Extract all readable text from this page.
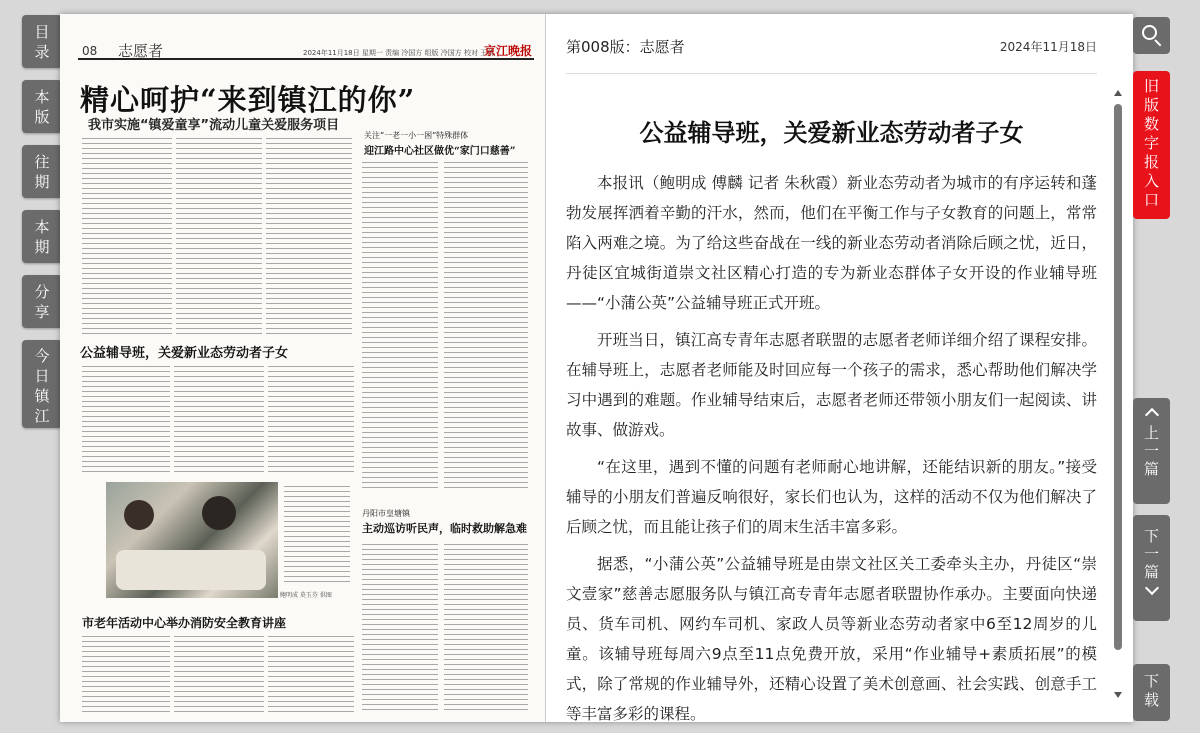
目
录
本
版
往
期
本
期
分
享
今
日
镇
江
08 志愿者	2024年11月18日 星期一 责编 冷国方 组版 冷国方 校对 王倩
京江晚报
精心呵护“来到镇江的你”
我市实施“镇爱童享”流动儿童关爱服务项目
关注“一老一小一困”特殊群体
迎江路中心社区做优“家门口慈善”
公益辅导班，关爱新业态劳动者子女
鲍明成 莫玉芬 供图
丹阳市皇塘镇
主动巡访听民声，临时救助解急难
市老年活动中心举办消防安全教育讲座
第008版：志愿者	2024年11月18日
公益辅导班，关爱新业态劳动者子女

本报讯（鲍明成 傅麟 记者 朱秋霞）新业态劳动者为城市的有序运转和蓬勃发展挥洒着辛勤的汗水，然而，他们在平衡工作与子女教育的问题上，常常陷入两难之境。为了给这些奋战在一线的新业态劳动者消除后顾之忧，近日，丹徒区宜城街道崇文社区精心打造的专为新业态群体子女开设的作业辅导班——“小蒲公英”公益辅导班正式开班。

开班当日，镇江高专青年志愿者联盟的志愿者老师详细介绍了课程安排。在辅导班上，志愿者老师能及时回应每一个孩子的需求，悉心帮助他们解决学习中遇到的难题。作业辅导结束后，志愿者老师还带领小朋友们一起阅读、讲故事、做游戏。

“在这里，遇到不懂的问题有老师耐心地讲解，还能结识新的朋友。”接受辅导的小朋友们普遍反响很好，家长们也认为，这样的活动不仅为他们解决了后顾之忧，而且能让孩子们的周末生活丰富多彩。

据悉，“小蒲公英”公益辅导班是由崇文社区关工委牵头主办，丹徒区“崇文壹家”慈善志愿服务队与镇江高专青年志愿者联盟协作承办。主要面向快递员、货车司机、网约车司机、家政人员等新业态劳动者家中6至12周岁的儿童。该辅导班每周六9点至11点免费开放，采用“作业辅导+素质拓展”的模式，除了常规的作业辅导外，还精心设置了美术创意画、社会实践、创意手工等丰富多彩的课程。

旧
版
数
字
报
入
口
上
一
篇
下
一
篇
下
载
